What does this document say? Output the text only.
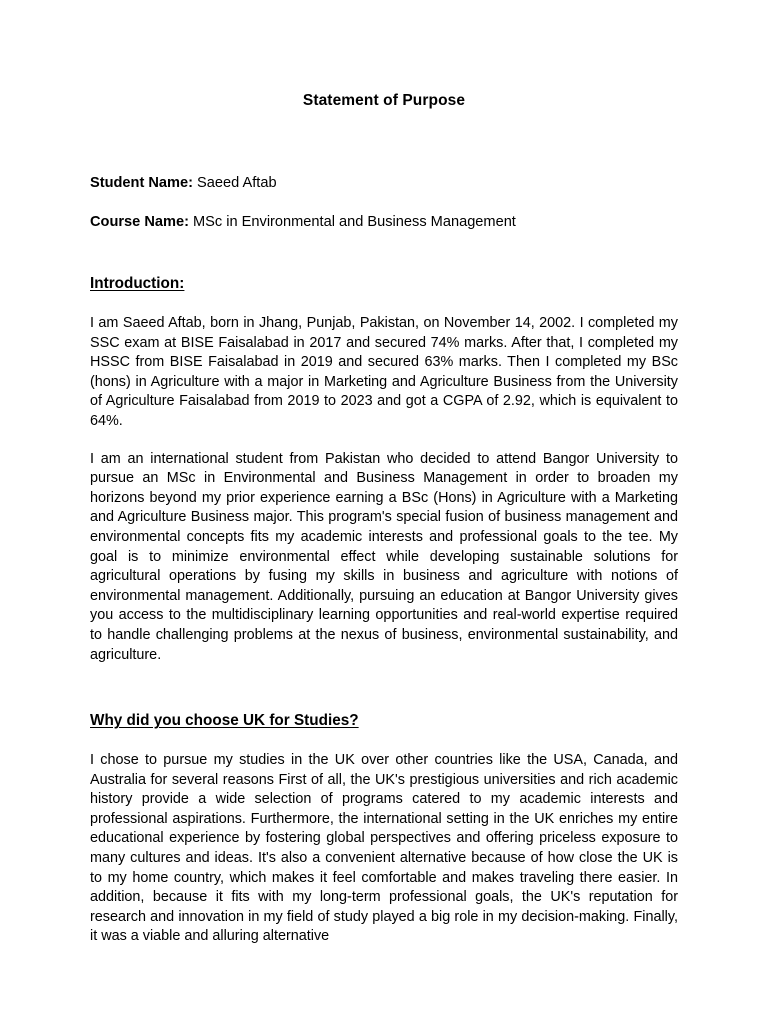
Statement of Purpose

Student Name: Saeed Aftab

Course Name: MSc in Environmental and Business Management

Introduction:

I am Saeed Aftab, born in Jhang, Punjab, Pakistan, on November 14, 2002. I completed my SSC exam at BISE Faisalabad in 2017 and secured 74% marks. After that, I completed my HSSC from BISE Faisalabad in 2019 and secured 63% marks. Then I completed my BSc (hons) in Agriculture with a major in Marketing and Agriculture Business from the University of Agriculture Faisalabad from 2019 to 2023 and got a CGPA of 2.92, which is equivalent to 64%.

I am an international student from Pakistan who decided to attend Bangor University to pursue an MSc in Environmental and Business Management in order to broaden my horizons beyond my prior experience earning a BSc (Hons) in Agriculture with a Marketing and Agriculture Business major. This program's special fusion of business management and environmental concepts fits my academic interests and professional goals to the tee. My goal is to minimize environmental effect while developing sustainable solutions for agricultural operations by fusing my skills in business and agriculture with notions of environmental management. Additionally, pursuing an education at Bangor University gives you access to the multidisciplinary learning opportunities and real-world expertise required to handle challenging problems at the nexus of business, environmental sustainability, and agriculture.

Why did you choose UK for Studies?

I chose to pursue my studies in the UK over other countries like the USA, Canada, and Australia for several reasons First of all, the UK's prestigious universities and rich academic history provide a wide selection of programs catered to my academic interests and professional aspirations. Furthermore, the international setting in the UK enriches my entire educational experience by fostering global perspectives and offering priceless exposure to many cultures and ideas. It's also a convenient alternative because of how close the UK is to my home country, which makes it feel comfortable and makes traveling there easier. In addition, because it fits with my long-term professional goals, the UK's reputation for research and innovation in my field of study played a big role in my decision-making. Finally, it was a viable and alluring alternative
